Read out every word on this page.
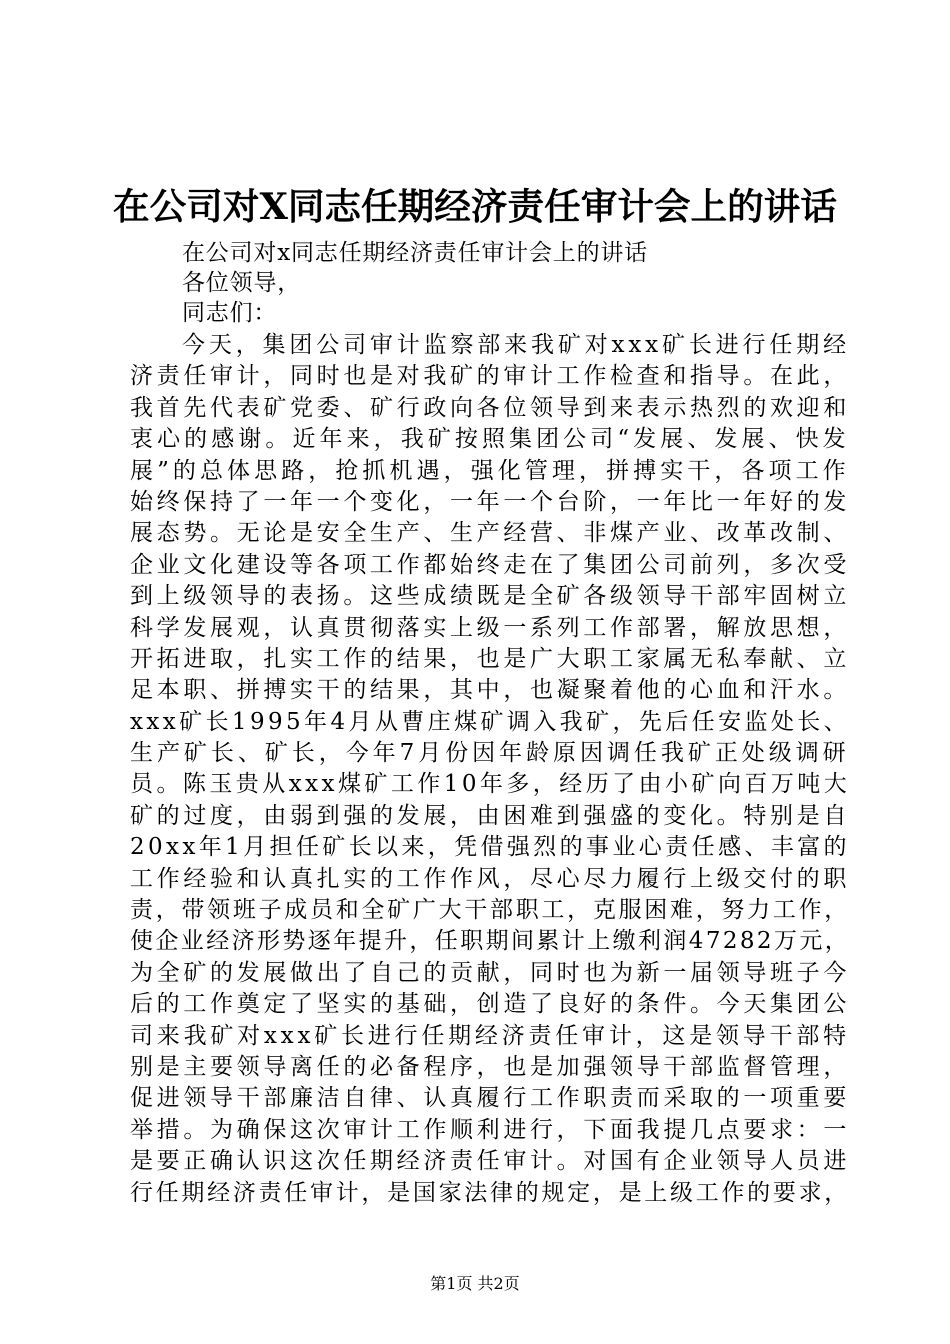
在公司对X同志任期经济责任审计会上的讲话
在公司对x同志任期经济责任审计会上的讲话
各位领导，
同志们：
今天，集团公司审计监察部来我矿对xxx矿长进行任期经
济责任审计，同时也是对我矿的审计工作检查和指导。在此，
我首先代表矿党委、矿行政向各位领导到来表示热烈的欢迎和
衷心的感谢。近年来，我矿按照集团公司“发展、发展、快发
展”的总体思路，抢抓机遇，强化管理，拼搏实干，各项工作
始终保持了一年一个变化，一年一个台阶，一年比一年好的发
展态势。无论是安全生产、生产经营、非煤产业、改革改制、
企业文化建设等各项工作都始终走在了集团公司前列，多次受
到上级领导的表扬。这些成绩既是全矿各级领导干部牢固树立
科学发展观，认真贯彻落实上级一系列工作部署，解放思想，
开拓进取，扎实工作的结果，也是广大职工家属无私奉献、立
足本职、拼搏实干的结果，其中，也凝聚着他的心血和汗水。
xxx矿长1995年4月从曹庄煤矿调入我矿，先后任安监处长、
生产矿长、矿长，今年7月份因年龄原因调任我矿正处级调研
员。陈玉贵从xxx煤矿工作10年多，经历了由小矿向百万吨大
矿的过度，由弱到强的发展，由困难到强盛的变化。特别是自
20xx年1月担任矿长以来，凭借强烈的事业心责任感、丰富的
工作经验和认真扎实的工作作风，尽心尽力履行上级交付的职
责，带领班子成员和全矿广大干部职工，克服困难，努力工作，
使企业经济形势逐年提升，任职期间累计上缴利润47282万元，
为全矿的发展做出了自己的贡献，同时也为新一届领导班子今
后的工作奠定了坚实的基础，创造了良好的条件。今天集团公
司来我矿对xxx矿长进行任期经济责任审计，这是领导干部特
别是主要领导离任的必备程序，也是加强领导干部监督管理，
促进领导干部廉洁自律、认真履行工作职责而采取的一项重要
举措。为确保这次审计工作顺利进行，下面我提几点要求：一
是要正确认识这次任期经济责任审计。对国有企业领导人员进
行任期经济责任审计，是国家法律的规定，是上级工作的要求，
第1页 共2页
